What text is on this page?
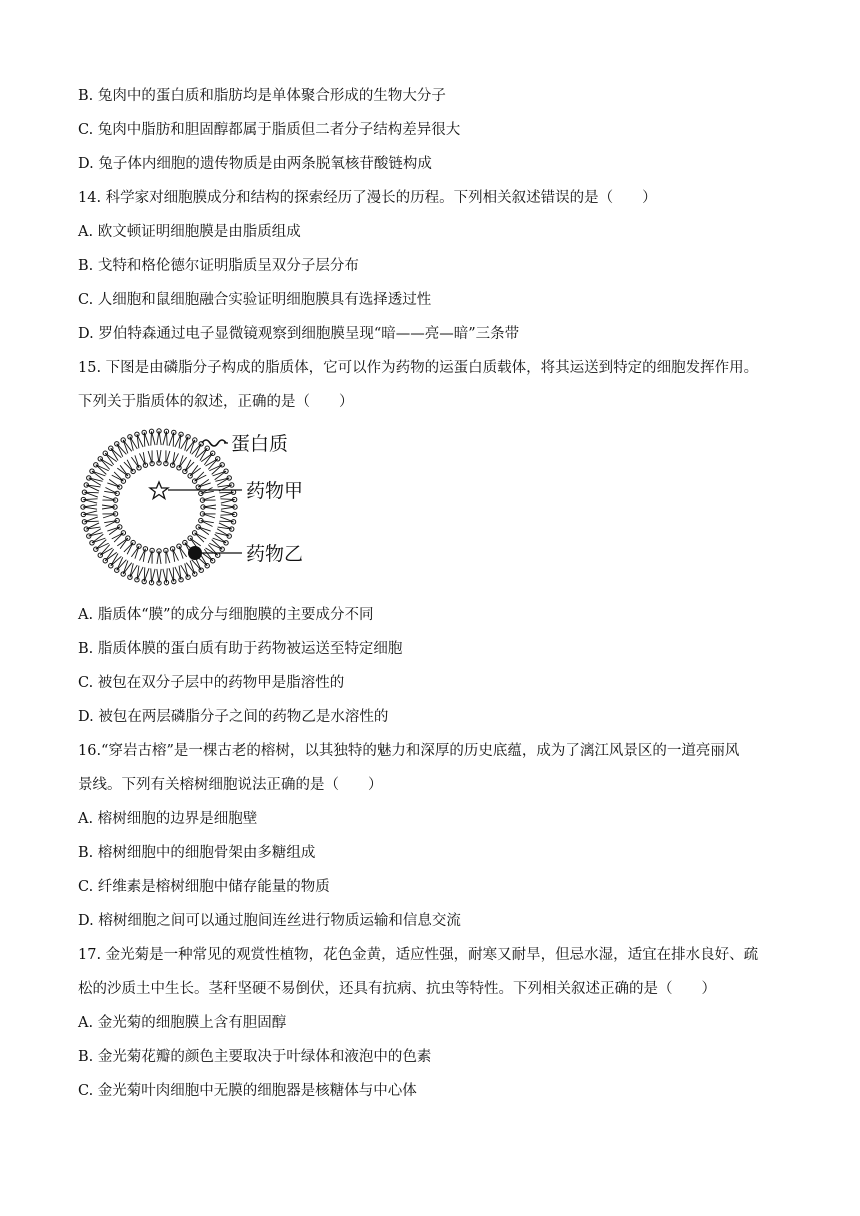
B. 兔肉中的蛋白质和脂肪均是单体聚合形成的生物大分子
C. 兔肉中脂肪和胆固醇都属于脂质但二者分子结构差异很大
D. 兔子体内细胞的遗传物质是由两条脱氧核苷酸链构成
14. 科学家对细胞膜成分和结构的探索经历了漫长的历程。下列相关叙述错误的是（　　）
A. 欧文顿证明细胞膜是由脂质组成
B. 戈特和格伦德尔证明脂质呈双分子层分布
C. 人细胞和鼠细胞融合实验证明细胞膜具有选择透过性
D. 罗伯特森通过电子显微镜观察到细胞膜呈现“暗——亮—暗”三条带
15. 下图是由磷脂分子构成的脂质体，它可以作为药物的运蛋白质载体，将其运送到特定的细胞发挥作用。
下列关于脂质体的叙述，正确的是（　　）
蛋白质
药物甲
药物乙
A. 脂质体“膜”的成分与细胞膜的主要成分不同
B. 脂质体膜的蛋白质有助于药物被运送至特定细胞
C. 被包在双分子层中的药物甲是脂溶性的
D. 被包在两层磷脂分子之间的药物乙是水溶性的
16.“穿岩古榕”是一棵古老的榕树，以其独特的魅力和深厚的历史底蕴，成为了漓江风景区的一道亮丽风
景线。下列有关榕树细胞说法正确的是（　　）
A. 榕树细胞的边界是细胞壁
B. 榕树细胞中的细胞骨架由多糖组成
C. 纤维素是榕树细胞中储存能量的物质
D. 榕树细胞之间可以通过胞间连丝进行物质运输和信息交流
17. 金光菊是一种常见的观赏性植物，花色金黄，适应性强，耐寒又耐旱，但忌水湿，适宜在排水良好、疏
松的沙质土中生长。茎秆坚硬不易倒伏，还具有抗病、抗虫等特性。下列相关叙述正确的是（　　）
A. 金光菊的细胞膜上含有胆固醇
B. 金光菊花瓣的颜色主要取决于叶绿体和液泡中的色素
C. 金光菊叶肉细胞中无膜的细胞器是核糖体与中心体
